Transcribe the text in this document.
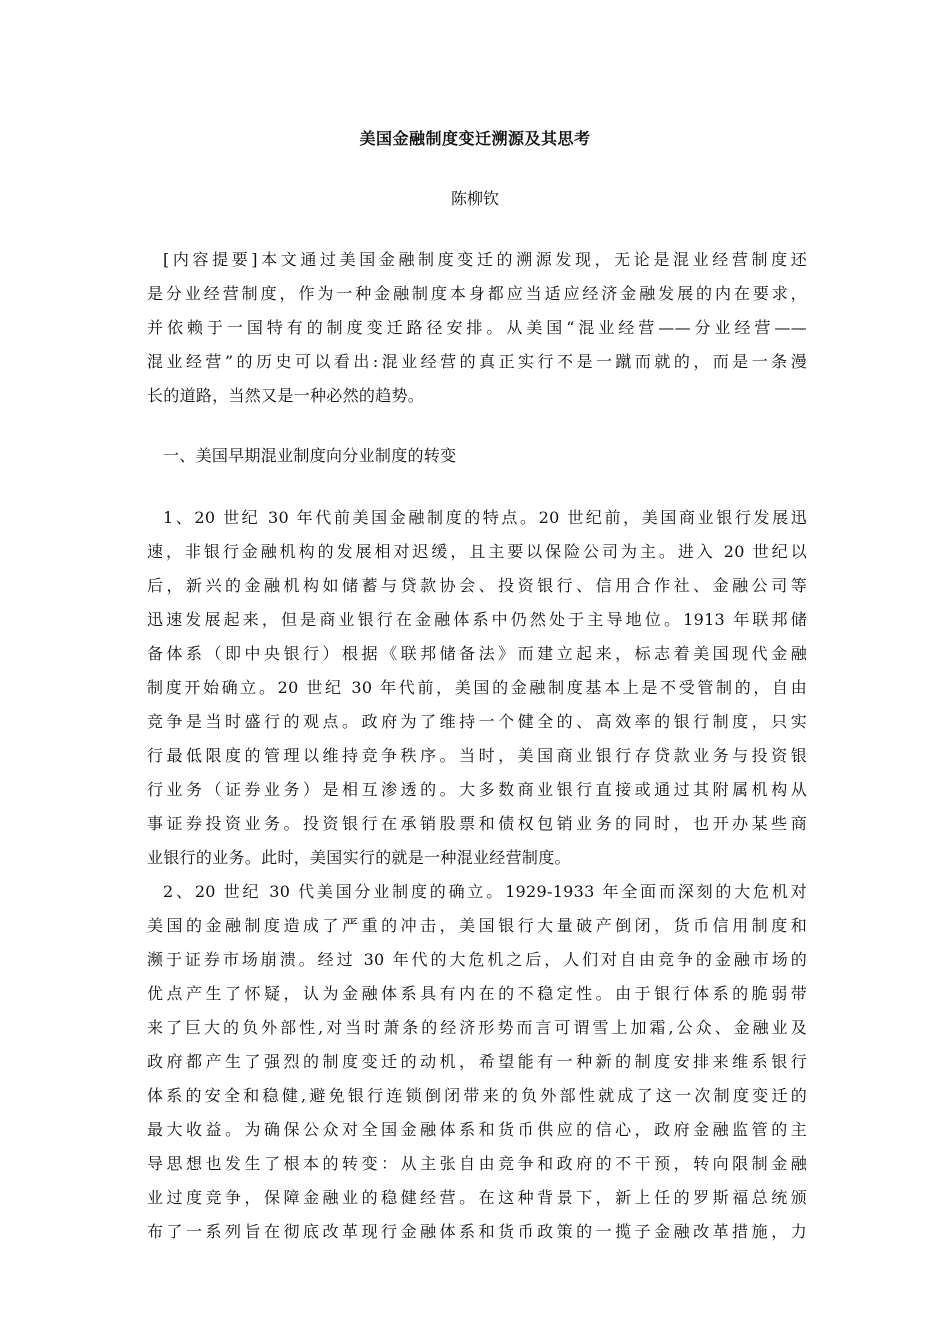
美国金融制度变迁溯源及其思考
陈柳钦
[内容提要]本文通过美国金融制度变迁的溯源发现，无论是混业经营制度还
是分业经营制度，作为一种金融制度本身都应当适应经济金融发展的内在要求，
并依赖于一国特有的制度变迁路径安排。从美国“混业经营——分业经营——
混业经营”的历史可以看出:混业经营的真正实行不是一蹴而就的，而是一条漫
长的道路，当然又是一种必然的趋势。
一、美国早期混业制度向分业制度的转变
1、20 世纪 30 年代前美国金融制度的特点。20 世纪前，美国商业银行发展迅
速，非银行金融机构的发展相对迟缓，且主要以保险公司为主。进入 20 世纪以
后，新兴的金融机构如储蓄与贷款协会、投资银行、信用合作社、金融公司等
迅速发展起来，但是商业银行在金融体系中仍然处于主导地位。1913 年联邦储
备体系（即中央银行）根据《联邦储备法》而建立起来，标志着美国现代金融
制度开始确立。20 世纪 30 年代前，美国的金融制度基本上是不受管制的，自由
竞争是当时盛行的观点。政府为了维持一个健全的、高效率的银行制度，只实
行最低限度的管理以维持竞争秩序。当时，美国商业银行存贷款业务与投资银
行业务（证券业务）是相互渗透的。大多数商业银行直接或通过其附属机构从
事证券投资业务。投资银行在承销股票和债权包销业务的同时，也开办某些商
业银行的业务。此时，美国实行的就是一种混业经营制度。
2、20 世纪 30 代美国分业制度的确立。1929-1933 年全面而深刻的大危机对
美国的金融制度造成了严重的冲击，美国银行大量破产倒闭，货币信用制度和
濒于证券市场崩溃。经过 30 年代的大危机之后，人们对自由竞争的金融市场的
优点产生了怀疑，认为金融体系具有内在的不稳定性。由于银行体系的脆弱带
来了巨大的负外部性,对当时萧条的经济形势而言可谓雪上加霜,公众、金融业及
政府都产生了强烈的制度变迁的动机，希望能有一种新的制度安排来维系银行
体系的安全和稳健,避免银行连锁倒闭带来的负外部性就成了这一次制度变迁的
最大收益。为确保公众对全国金融体系和货币供应的信心，政府金融监管的主
导思想也发生了根本的转变：从主张自由竞争和政府的不干预，转向限制金融
业过度竞争，保障金融业的稳健经营。在这种背景下，新上任的罗斯福总统颁
布了一系列旨在彻底改革现行金融体系和货币政策的一揽子金融改革措施，力
